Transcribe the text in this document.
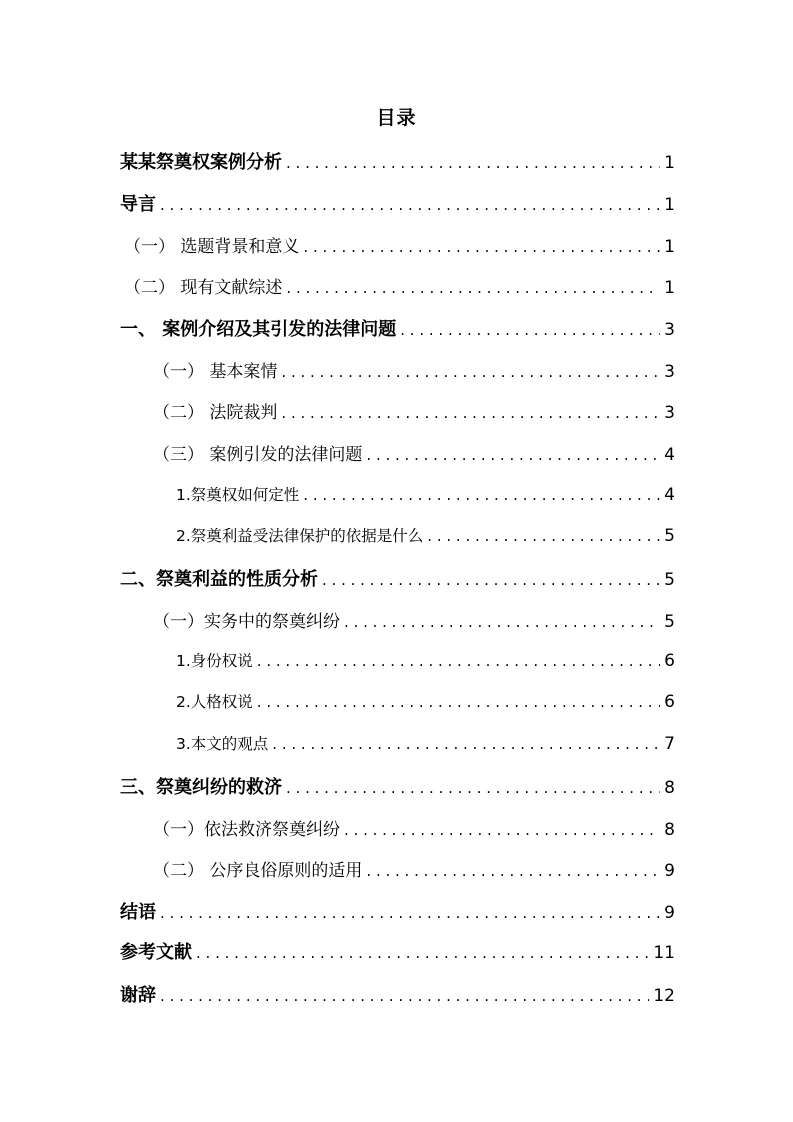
目录
某某祭奠权案例分析 . . .	1
导言 . . .	1
（一） 选题背景和意义 . . .	1
（二） 现有文献综述 . . .	1
一、 案例介绍及其引发的法律问题 . . .	3
（一） 基本案情 . . .	3
（二） 法院裁判 . . .	3
（三） 案例引发的法律问题 . . .	4
1.祭奠权如何定性 . . .	4
2.祭奠利益受法律保护的依据是什么 . . .	5
二、祭奠利益的性质分析 . . .	5
（一）实务中的祭奠纠纷 . . .	5
1.身份权说 . . .	6
2.人格权说 . . .	6
3.本文的观点 . . .	7
三、祭奠纠纷的救济 . . .	8
（一）依法救济祭奠纠纷 . . .	8
（二） 公序良俗原则的适用 . . .	9
结语 . . .	9
参考文献 . . .	11
谢辞 . . .	12
